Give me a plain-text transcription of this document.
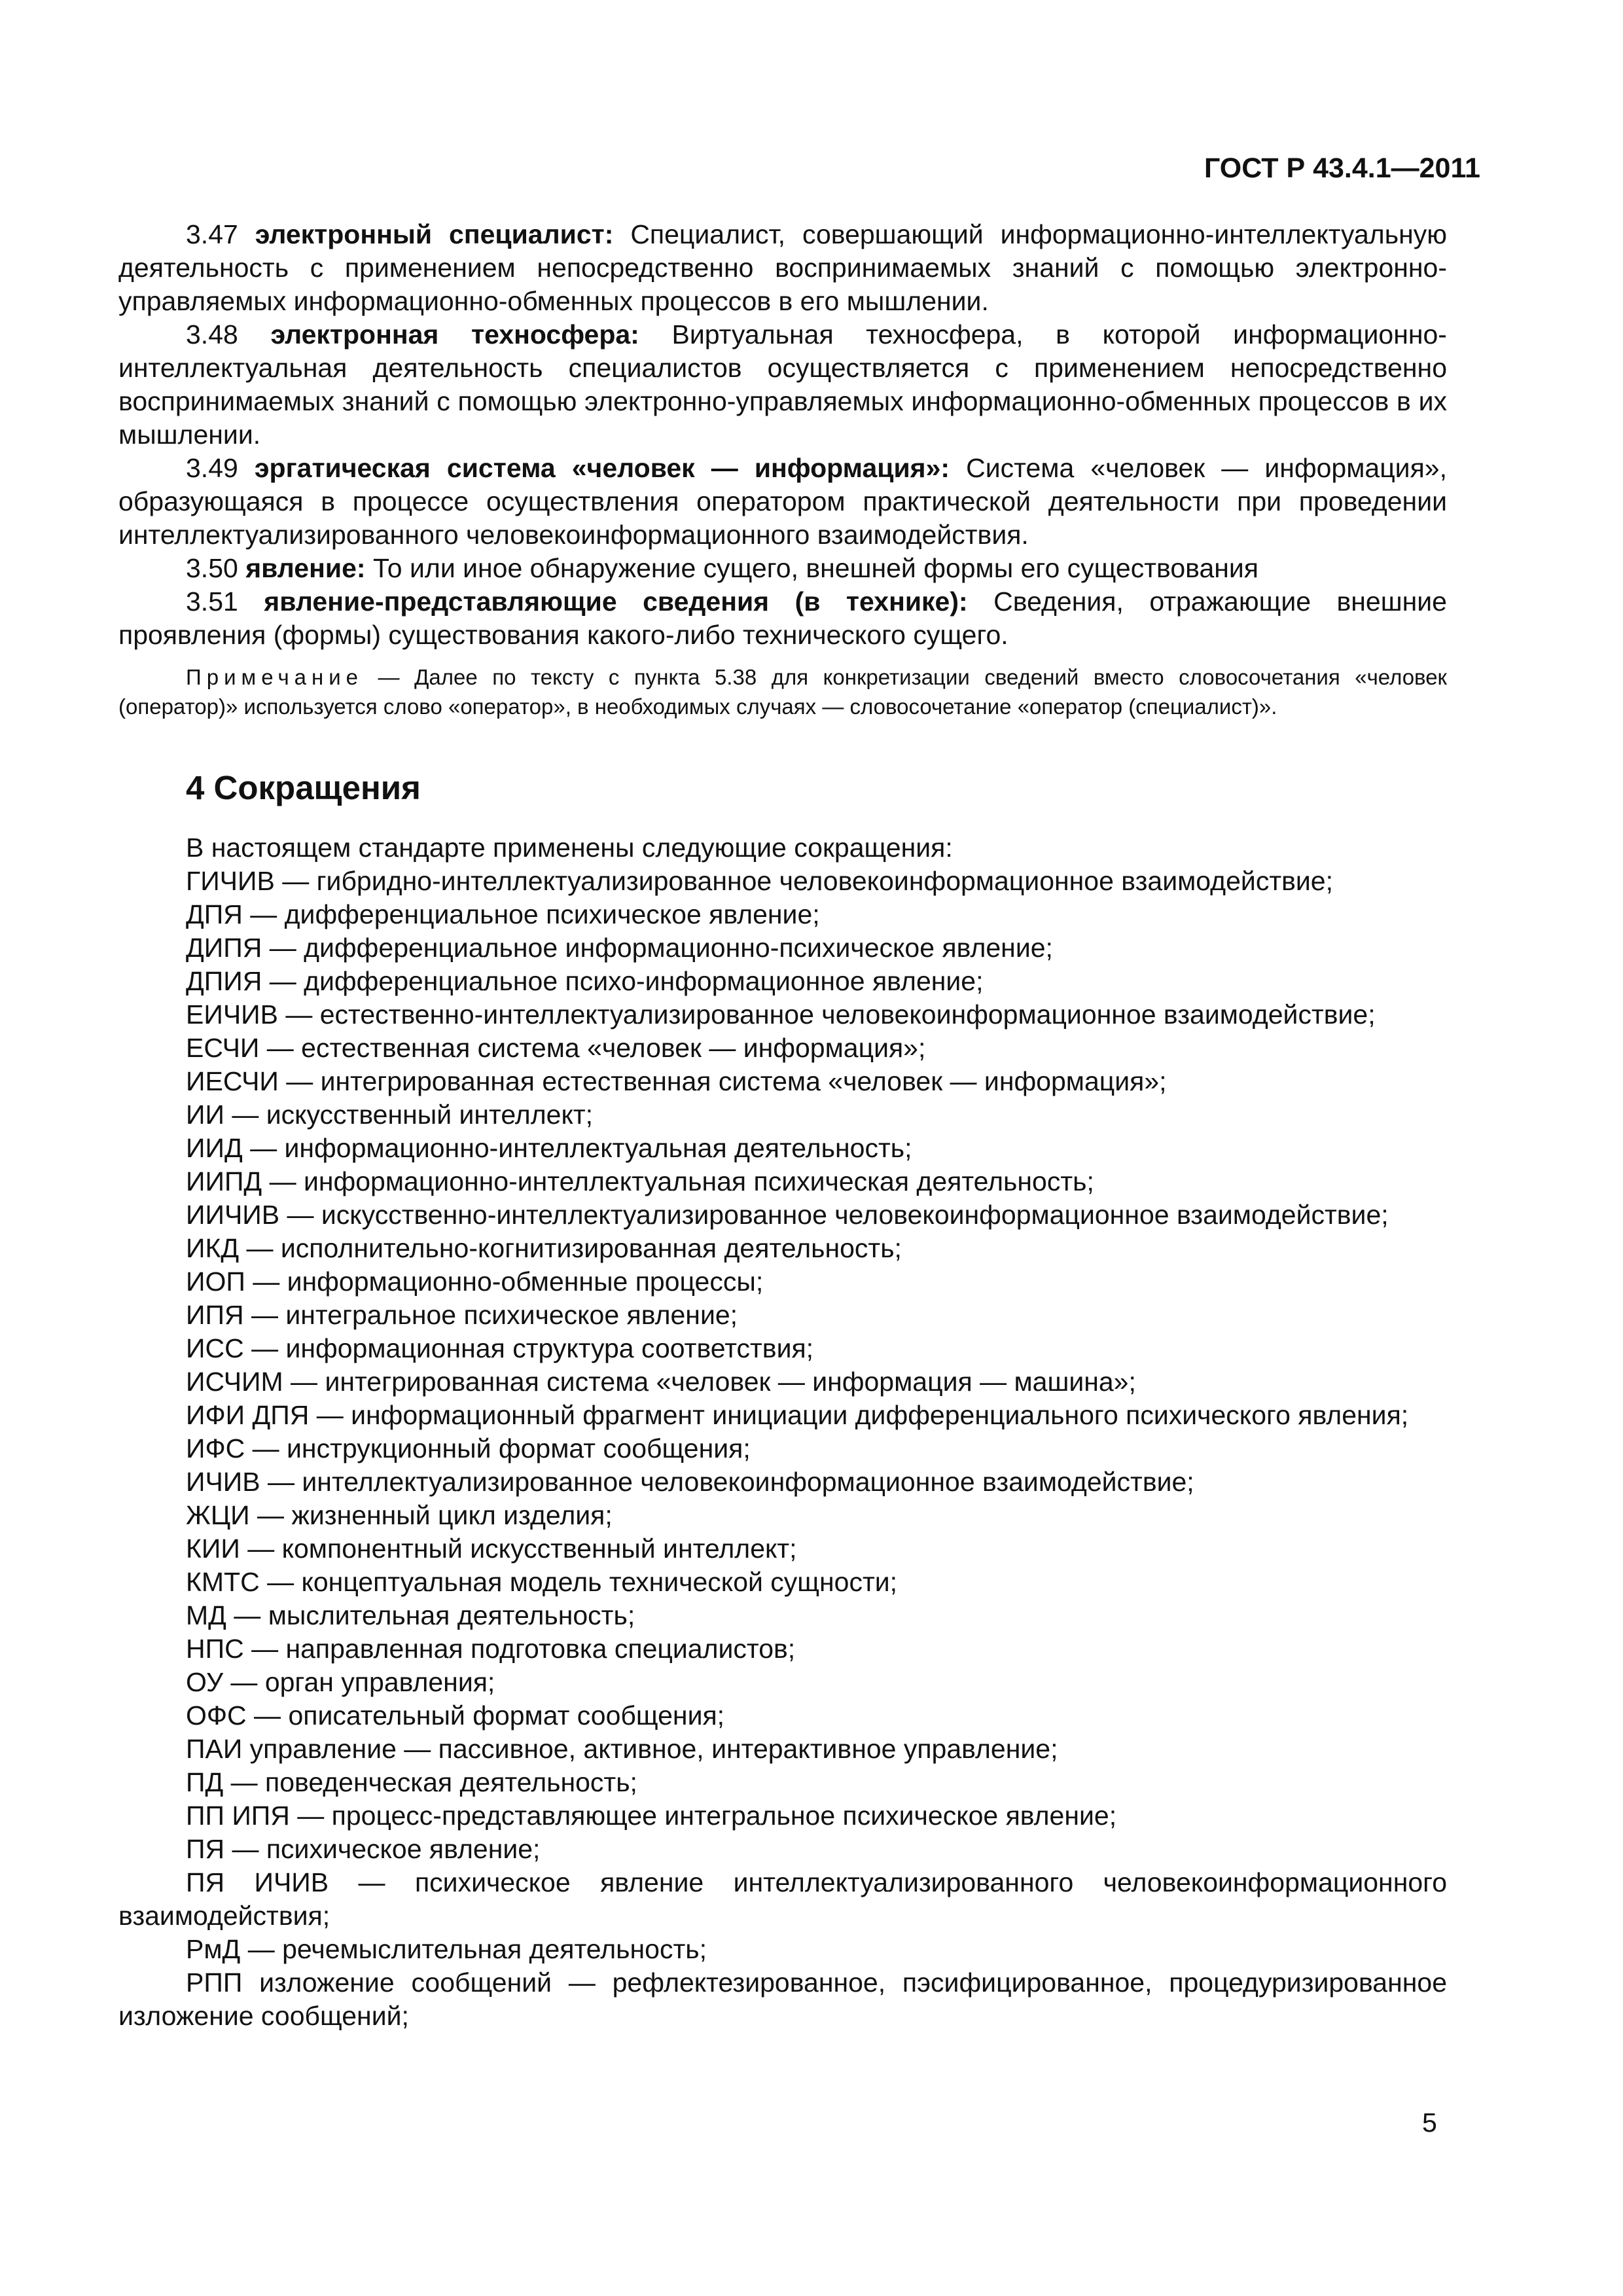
ГОСТ Р 43.4.1—2011

3.47 электронный специалист: Специалист, совершающий информационно-интеллектуальную деятельность с применением непосредственно воспринимаемых знаний с помощью электронно-управляемых информационно-обменных процессов в его мышлении.

3.48 электронная техносфера: Виртуальная техносфера, в которой информационно-интеллектуальная деятельность специалистов осуществляется с применением непосредственно воспринимаемых знаний с помощью электронно-управляемых информационно-обменных процессов в их мышлении.

3.49 эргатическая система «человек — информация»: Система «человек — информация», образующаяся в процессе осуществления оператором практической деятельности при проведении интеллектуализированного человекоинформационного взаимодействия.

3.50 явление: То или иное обнаружение сущего, внешней формы его существования

3.51 явление-представляющие сведения (в технике): Сведения, отражающие внешние проявления (формы) существования какого-либо технического сущего.

Примечание — Далее по тексту с пункта 5.38 для конкретизации сведений вместо словосочетания «человек (оператор)» используется слово «оператор», в необходимых случаях — словосочетание «оператор (специалист)».

4 Сокращения

В настоящем стандарте применены следующие сокращения:

ГИЧИВ — гибридно-интеллектуализированное человекоинформационное взаимодействие;
ДПЯ — дифференциальное психическое явление;
ДИПЯ — дифференциальное информационно-психическое явление;
ДПИЯ — дифференциальное психо-информационное явление;
ЕИЧИВ — естественно-интеллектуализированное человекоинформационное взаимодействие;
ЕСЧИ — естественная система «человек — информация»;
ИЕСЧИ — интегрированная естественная система «человек — информация»;
ИИ — искусственный интеллект;
ИИД — информационно-интеллектуальная деятельность;
ИИПД — информационно-интеллектуальная психическая деятельность;
ИИЧИВ — искусственно-интеллектуализированное человекоинформационное взаимодействие;
ИКД — исполнительно-когнитизированная деятельность;
ИОП — информационно-обменные процессы;
ИПЯ — интегральное психическое явление;
ИСС — информационная структура соответствия;
ИСЧИМ — интегрированная система «человек — информация — машина»;
ИФИ ДПЯ — информационный фрагмент инициации дифференциального психического явления;
ИФС — инструкционный формат сообщения;
ИЧИВ — интеллектуализированное человекоинформационное взаимодействие;
ЖЦИ — жизненный цикл изделия;
КИИ — компонентный искусственный интеллект;
КМТС — концептуальная модель технической сущности;
МД — мыслительная деятельность;
НПС — направленная подготовка специалистов;
ОУ — орган управления;
ОФС — описательный формат сообщения;
ПАИ управление — пассивное, активное, интерактивное управление;
ПД — поведенческая деятельность;
ПП ИПЯ — процесс-представляющее интегральное психическое явление;
ПЯ — психическое явление;
ПЯ ИЧИВ — психическое явление интеллектуализированного человекоинформационного взаимодействия;
РмД — речемыслительная деятельность;
РПП изложение сообщений — рефлектезированное, пэсифицированное, процедуризированное изложение сообщений;
5
